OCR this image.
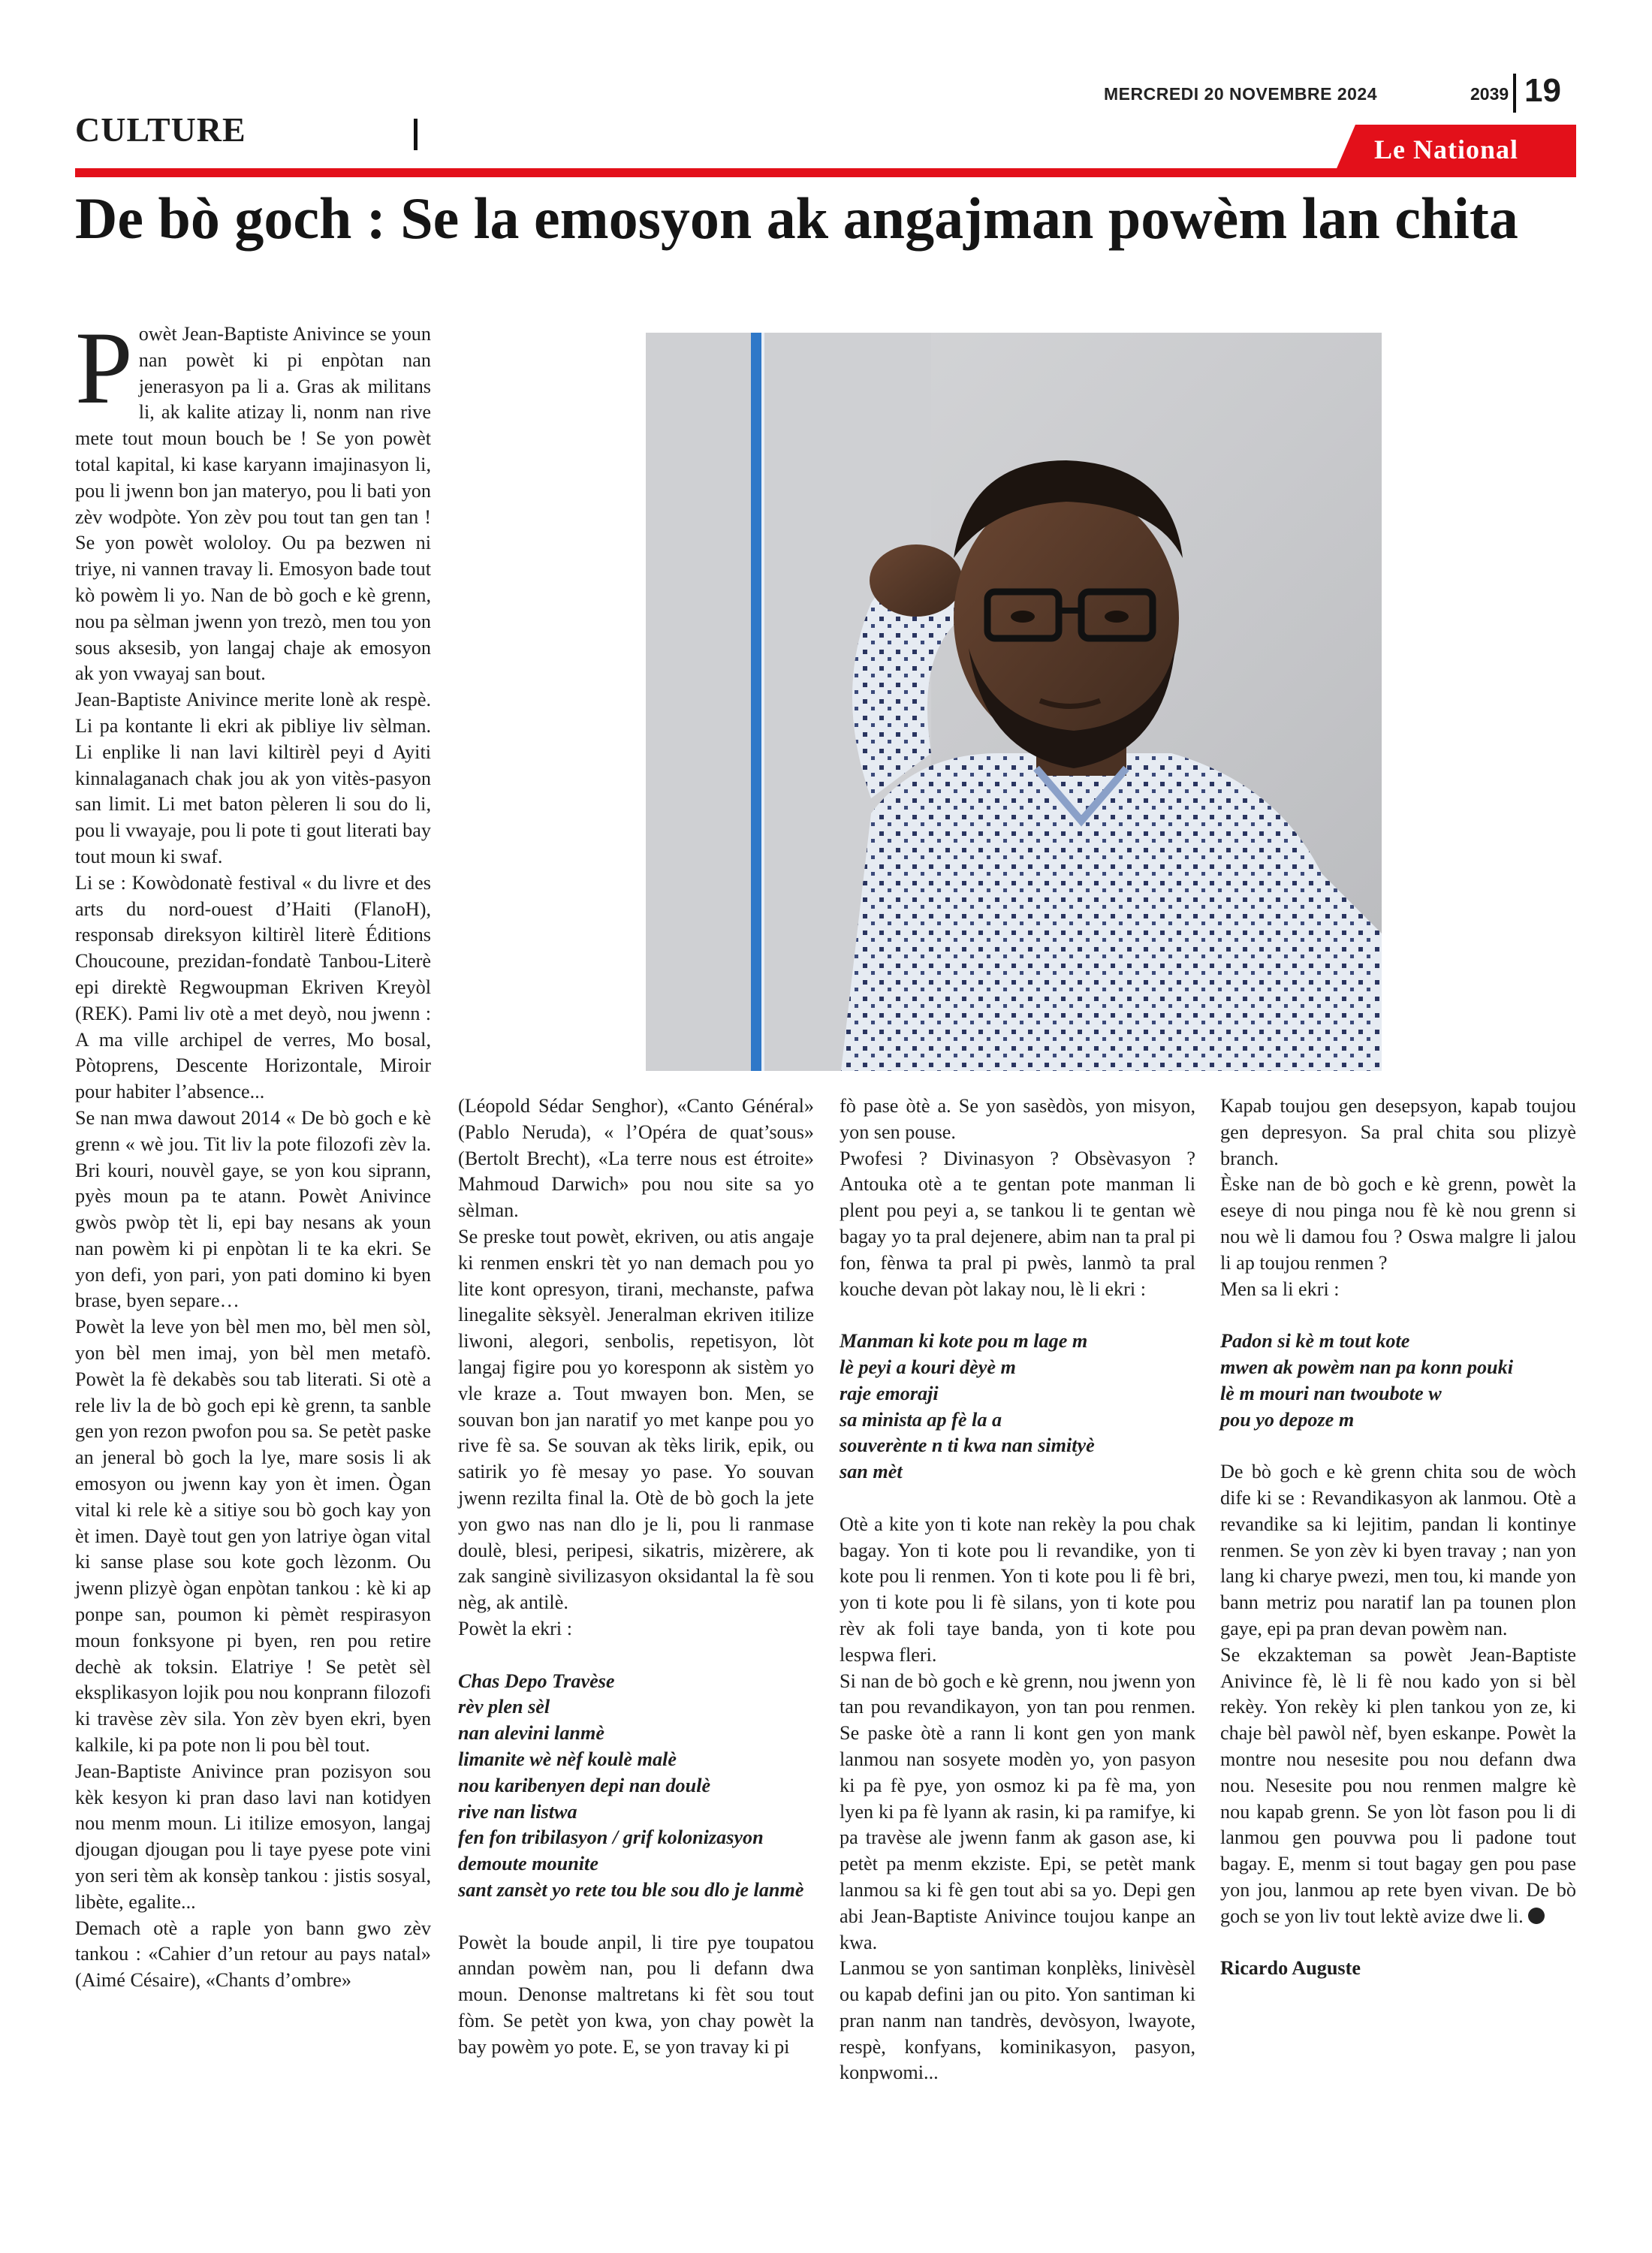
MERCREDI 20 NOVEMBRE 2024	2039 19
CULTURE
Le National
De bò goch : Se la emosyon ak angajman powèm lan chita

Powèt Jean-Baptiste Anivince se youn nan powèt ki pi enpòtan nan jenerasyon pa li a. Gras ak militans li, ak kalite atizay li, nonm nan rive mete tout moun bouch be ! Se yon powèt total kapital, ki kase karyann imajinasyon li, pou li jwenn bon jan materyo, pou li bati yon zèv wodpòte. Yon zèv pou tout tan gen tan ! Se yon powèt wololoy. Ou pa bezwen ni triye, ni vannen travay li. Emosyon bade tout kò powèm li yo. Nan de bò goch e kè grenn, nou pa sèlman jwenn yon trezò, men tou yon sous aksesib, yon langaj chaje ak emosyon ak yon vwayaj san bout.

Jean-Baptiste Anivince merite lonè ak respè. Li pa kontante li ekri ak pibliye liv sèlman. Li enplike li nan lavi kiltirèl peyi d Ayiti kinnalaganach chak jou ak yon vitès-pasyon san limit. Li met baton pèleren li sou do li, pou li vwayaje, pou li pote ti gout literati bay tout moun ki swaf.

Li se : Kowòdonatè festival « du livre et des arts du nord-ouest d’Haiti (FlanoH), responsab direksyon kiltirèl literè Éditions Choucoune, prezidan-fondatè Tanbou-Literè epi direktè Regwoupman Ekriven Kreyòl (REK). Pami liv otè a met deyò, nou jwenn : A ma ville archipel de verres, Mo bosal, Pòtoprens, Descente Horizontale, Miroir pour habiter l’absence...

Se nan mwa dawout 2014 « De bò goch e kè grenn « wè jou. Tit liv la pote filozofi zèv la. Bri kouri, nouvèl gaye, se yon kou siprann, pyès moun pa te atann. Powèt Anivince gwòs pwòp tèt li, epi bay nesans ak youn nan powèm ki pi enpòtan li te ka ekri. Se yon defi, yon pari, yon pati domino ki byen brase, byen separe…

Powèt la leve yon bèl men mo, bèl men sòl, yon bèl men imaj, yon bèl men metafò. Powèt la fè dekabès sou tab literati. Si otè a rele liv la de bò goch epi kè grenn, ta sanble gen yon rezon pwofon pou sa. Se petèt paske an jeneral bò goch la lye, mare sosis li ak emosyon ou jwenn kay yon èt imen. Ògan vital ki rele kè a sitiye sou bò goch kay yon èt imen. Dayè tout gen yon latriye ògan vital ki sanse plase sou kote goch lèzonm. Ou jwenn plizyè ògan enpòtan tankou : kè ki ap ponpe san, poumon ki pèmèt respirasyon moun fonksyone pi byen, ren pou retire dechè ak toksin. Elatriye ! Se petèt sèl eksplikasyon lojik pou nou konprann filozofi ki travèse zèv sila. Yon zèv byen ekri, byen kalkile, ki pa pote non li pou bèl tout.

Jean-Baptiste Anivince pran pozisyon sou kèk kesyon ki pran daso lavi nan kotidyen nou menm moun. Li itilize emosyon, langaj djougan djougan pou li taye pyese pote vini yon seri tèm ak konsèp tankou : jistis sosyal, libète, egalite...

Demach otè a raple yon bann gwo zèv tankou : «Cahier d’un retour au pays natal» (Aimé Césaire), «Chants d’ombre»

(Léopold Sédar Senghor), «Canto Général» (Pablo Neruda), « l’Opéra de quat’sous» (Bertolt Brecht), «La terre nous est étroite» Mahmoud Darwich» pou nou site sa yo sèlman.

Se preske tout powèt, ekriven, ou atis angaje ki renmen enskri tèt yo nan demach pou yo lite kont opresyon, tirani, mechanste, pafwa linegalite sèksyèl. Jeneralman ekriven itilize liwoni, alegori, senbolis, repetisyon, lòt langaj figire pou yo koresponn ak sistèm yo vle kraze a. Tout mwayen bon. Men, se souvan bon jan naratif yo met kanpe pou yo rive fè sa. Se souvan ak tèks lirik, epik, ou satirik yo fè mesay yo pase. Yo souvan jwenn rezilta final la. Otè de bò goch la jete yon gwo nas nan dlo je li, pou li ranmase doulè, blesi, peripesi, sikatris, mizèrere, ak zak sanginè sivilizasyon oksidantal la fè sou nèg, ak antilè.

Powèt la ekri :

Chas Depo Travèse
rèv plen sèl
nan alevini lanmè
limanite wè nèf koulè malè
nou karibenyen depi nan doulè
rive nan listwa
fen fon tribilasyon / grif kolonizasyon
demoute mounite
sant zansèt yo rete tou ble sou dlo je lanmè

Powèt la boude anpil, li tire pye toupatou anndan powèm nan, pou li defann dwa moun. Denonse maltretans ki fèt sou tout fòm. Se petèt yon kwa, yon chay powèt la bay powèm yo pote. E, se yon travay ki pi

fò pase òtè a. Se yon sasèdòs, yon misyon, yon sen pouse.

Pwofesi ? Divinasyon ? Obsèvasyon ? Antouka otè a te gentan pote manman li plent pou peyi a, se tankou li te gentan wè bagay yo ta pral dejenere, abim nan ta pral pi fon, fènwa ta pral pi pwès, lanmò ta pral kouche devan pòt lakay nou, lè li ekri :

Manman ki kote pou m lage m
lè peyi a kouri dèyè m
raje emoraji
sa minista ap fè la a
souverènte n ti kwa nan simityè
san mèt

Otè a kite yon ti kote nan rekèy la pou chak bagay. Yon ti kote pou li revandike, yon ti kote pou li renmen. Yon ti kote pou li fè bri, yon ti kote pou li fè silans, yon ti kote pou rèv ak foli taye banda, yon ti kote pou lespwa fleri.

Si nan de bò goch e kè grenn, nou jwenn yon tan pou revandikayon, yon tan pou renmen. Se paske òtè a rann li kont gen yon mank lanmou nan sosyete modèn yo, yon pasyon ki pa fè pye, yon osmoz ki pa fè ma, yon lyen ki pa fè lyann ak rasin, ki pa ramifye, ki pa travèse ale jwenn fanm ak gason ase, ki petèt pa menm ekziste. Epi, se petèt mank lanmou sa ki fè gen tout abi sa yo. Depi gen abi Jean-Baptiste Anivince toujou kanpe an kwa.

Lanmou se yon santiman konplèks, linivèsèl ou kapab defini jan ou pito. Yon santiman ki pran nanm nan tandrès, devòsyon, lwayote, respè, konfyans, kominikasyon, pasyon, konpwomi...

Kapab toujou gen desepsyon, kapab toujou gen depresyon. Sa pral chita sou plizyè branch.

Èske nan de bò goch e kè grenn, powèt la eseye di nou pinga nou fè kè nou grenn si nou wè li damou fou ? Oswa malgre li jalou li ap toujou renmen ?

Men sa li ekri :

Padon si kè m tout kote
mwen ak powèm nan pa konn pouki
lè m mouri nan twoubote w
pou yo depoze m

De bò goch e kè grenn chita sou de wòch dife ki se : Revandikasyon ak lanmou. Otè a revandike sa ki lejitim, pandan li kontinye renmen. Se yon zèv ki byen travay ; nan yon lang ki charye pwezi, men tou, ki mande yon bann metriz pou naratif lan pa tounen plon gaye, epi pa pran devan powèm nan.

Se ekzakteman sa powèt Jean-Baptiste Anivince fè, lè li fè nou kado yon si bèl rekèy. Yon rekèy ki plen tankou yon ze, ki chaje bèl pawòl nèf, byen eskanpe. Powèt la montre nou nesesite pou nou defann dwa nou. Nesesite pou nou renmen malgre kè nou kapab grenn. Se yon lòt fason pou li di lanmou gen pouvwa pou li padone tout bagay. E, menm si tout bagay gen pou pase yon jou, lanmou ap rete byen vivan. De bò goch se yon liv tout lektè avize dwe li.

Ricardo Auguste
